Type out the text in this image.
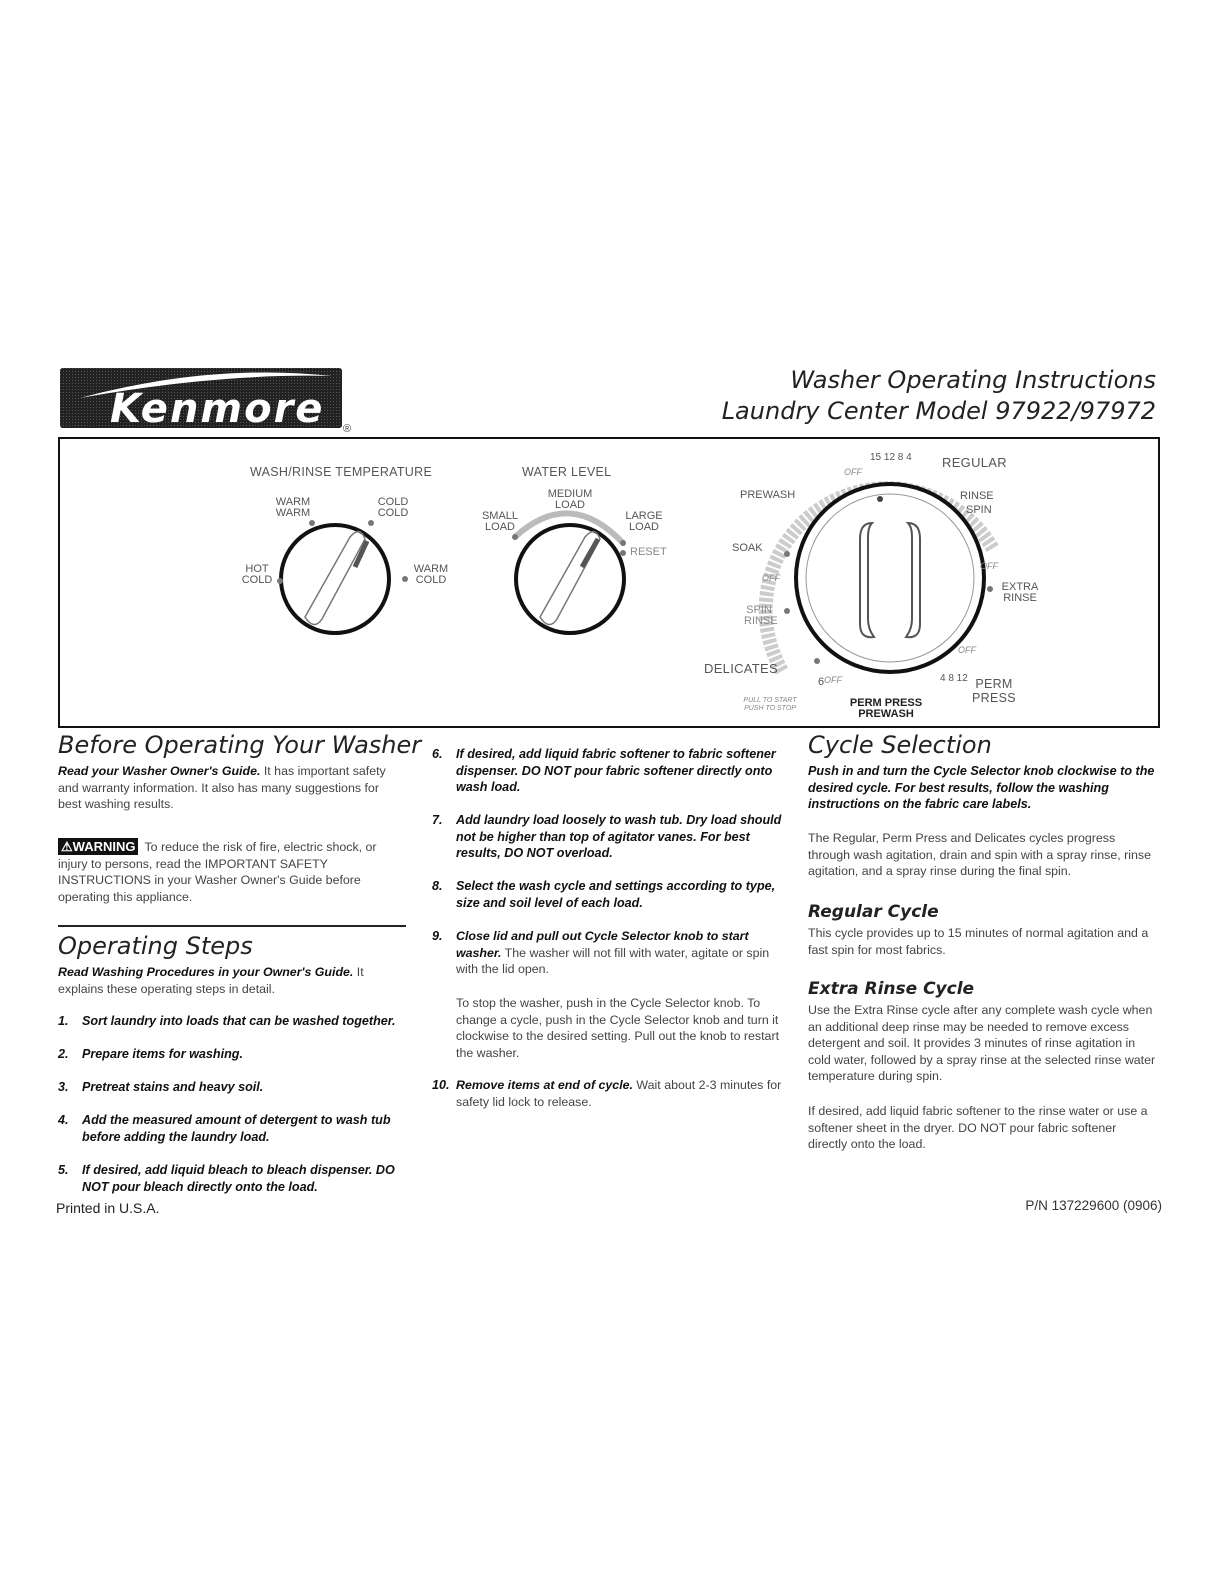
Kenmore ®
Washer Operating Instructions
Laundry Center Model 97922/97972
WASH/RINSE TEMPERATURE
WARM
WARM
COLD
COLD
HOT
COLD
WARM
COLD
WATER LEVEL
MEDIUM
LOAD
SMALL
LOAD
LARGE
LOAD
RESET
15 12 8 4 REGULAR
OFF
PREWASH	RINSE
SPIN
SOAK
OFF
OFF
EXTRA
RINSE
SPIN
RINSE
OFF
DELICATES
6 OFF	4 8 12 PERM
PRESS
PULL TO START
PUSH TO STOP	PERM PRESS
PREWASH
Before Operating Your Washer
Read your Washer Owner's Guide. It has important safety and warranty information. It also has many suggestions for best washing results.
⚠WARNING To reduce the risk of fire, electric shock, or injury to persons, read the IMPORTANT SAFETY INSTRUCTIONS in your Washer Owner's Guide before operating this appliance.
Operating Steps
Read Washing Procedures in your Owner's Guide. It explains these operating steps in detail.
1. Sort laundry into loads that can be washed together.
2. Prepare items for washing.
3. Pretreat stains and heavy soil.
4. Add the measured amount of detergent to wash tub before adding the laundry load.
5. If desired, add liquid bleach to bleach dispenser. DO NOT pour bleach directly onto the load.
Printed in U.S.A.
6. If desired, add liquid fabric softener to fabric softener dispenser. DO NOT pour fabric softener directly onto wash load.
7. Add laundry load loosely to wash tub. Dry load should not be higher than top of agitator vanes. For best results, DO NOT overload.
8. Select the wash cycle and settings according to type, size and soil level of each load.
9. Close lid and pull out Cycle Selector knob to start washer. The washer will not fill with water, agitate or spin with the lid open.
To stop the washer, push in the Cycle Selector knob. To change a cycle, push in the Cycle Selector knob and turn it clockwise to the desired setting. Pull out the knob to restart the washer.
10. Remove items at end of cycle. Wait about 2-3 minutes for safety lid lock to release.
Cycle Selection
Push in and turn the Cycle Selector knob clockwise to the desired cycle. For best results, follow the washing instructions on the fabric care labels.
The Regular, Perm Press and Delicates cycles progress through wash agitation, drain and spin with a spray rinse, rinse agitation, and a spray rinse during the final spin.
Regular Cycle
This cycle provides up to 15 minutes of normal agitation and a fast spin for most fabrics.
Extra Rinse Cycle
Use the Extra Rinse cycle after any complete wash cycle when an additional deep rinse may be needed to remove excess detergent and soil. It provides 3 minutes of rinse agitation in cold water, followed by a spray rinse at the selected rinse water temperature during spin.
If desired, add liquid fabric softener to the rinse water or use a softener sheet in the dryer. DO NOT pour fabric softener directly onto the load.
P/N 137229600 (0906)
